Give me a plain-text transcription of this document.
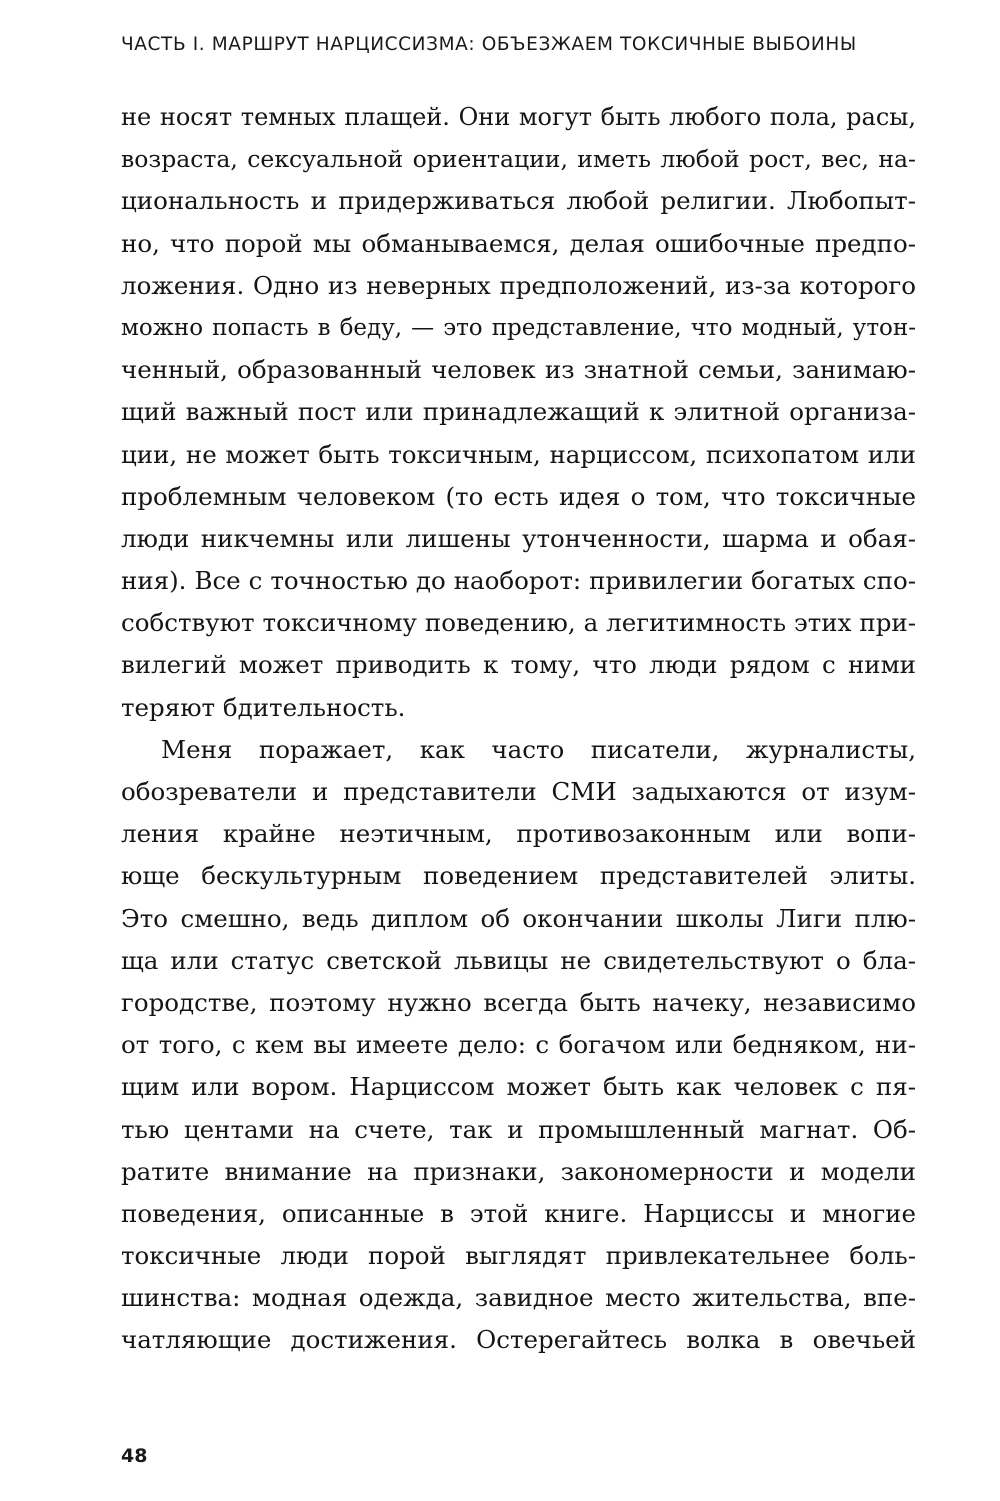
ЧАСТЬ I. МАРШРУТ НАРЦИССИЗМА: ОБЪЕЗЖАЕМ ТОКСИЧНЫЕ ВЫБОИНЫ
не носят темных плащей. Они могут быть любого пола, расы,
возраста, сексуальной ориентации, иметь любой рост, вес, на-
циональность и придерживаться любой религии. Любопыт-
но, что порой мы обманываемся, делая ошибочные предпо-
ложения. Одно из неверных предположений, из-за которого
можно попасть в беду, — это представление, что модный, утон-
ченный, образованный человек из знатной семьи, занимаю-
щий важный пост или принадлежащий к элитной организа-
ции, не может быть токсичным, нарциссом, психопатом или
проблемным человеком (то есть идея о том, что токсичные
люди никчемны или лишены утонченности, шарма и обая-
ния). Все с точностью до наоборот: привилегии богатых спо-
собствуют токсичному поведению, а легитимность этих при-
вилегий может приводить к тому, что люди рядом с ними
теряют бдительность.
Меня поражает, как часто писатели, журналисты,
обозреватели и представители СМИ задыхаются от изум-
ления крайне неэтичным, противозаконным или вопи-
юще бескультурным поведением представителей элиты.
Это смешно, ведь диплом об окончании школы Лиги плю-
ща или статус светской львицы не свидетельствуют о бла-
городстве, поэтому нужно всегда быть начеку, независимо
от того, с кем вы имеете дело: с богачом или бедняком, ни-
щим или вором. Нарциссом может быть как человек с пя-
тью центами на счете, так и промышленный магнат. Об-
ратите внимание на признаки, закономерности и модели
поведения, описанные в этой книге. Нарциссы и многие
токсичные люди порой выглядят привлекательнее боль-
шинства: модная одежда, завидное место жительства, впе-
чатляющие достижения. Остерегайтесь волка в овечьей
48
